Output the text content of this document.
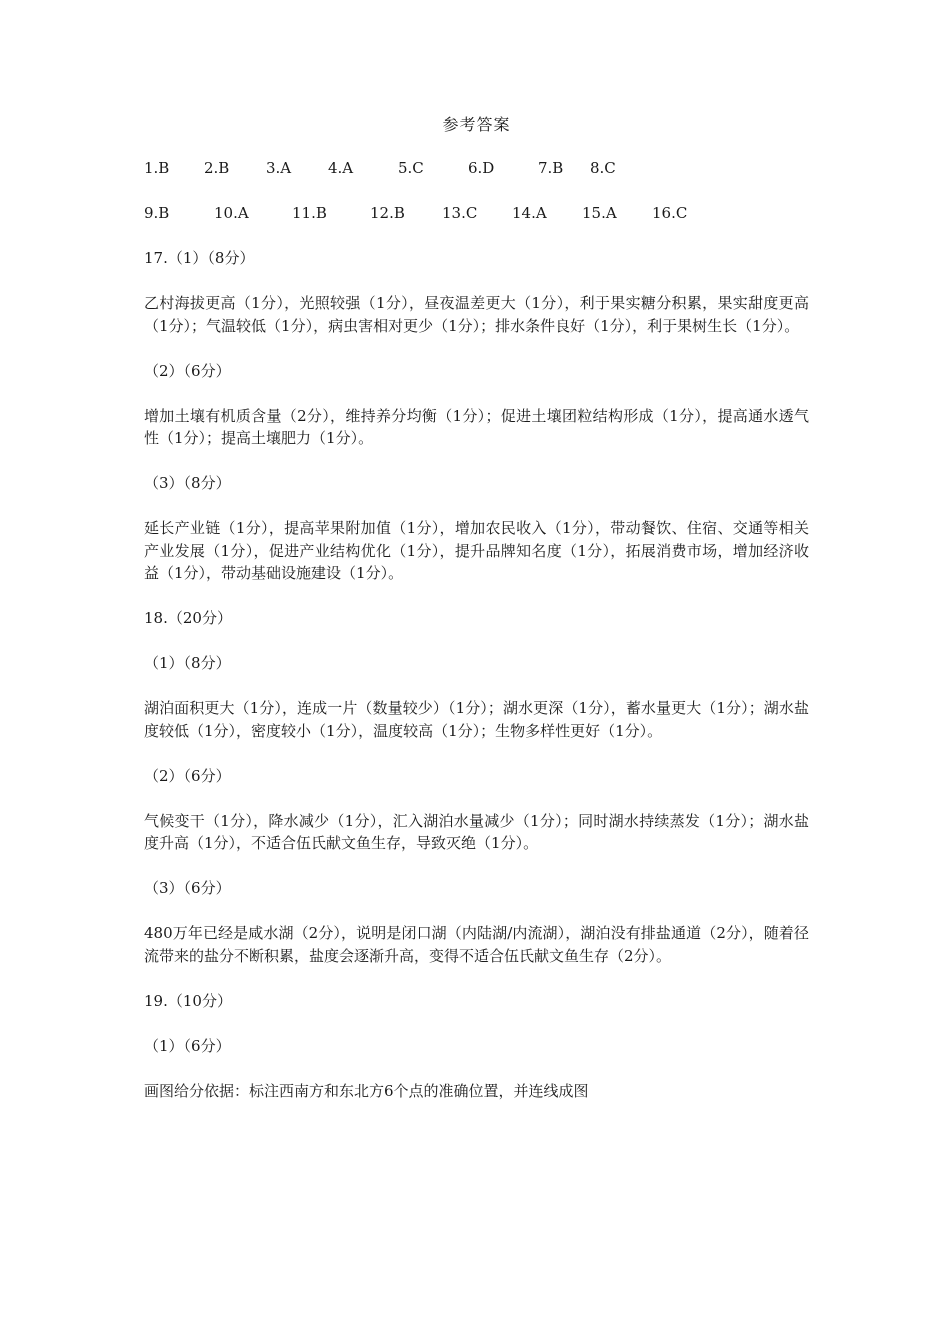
参考答案
1.B 2.B 3.A 4.A	5.C	6.D	7.B 8.C
9.B	10.A	11.B	12.B 13.C 14.A 15.A 16.C
17.（1）（8分）
乙村海拔更高（1分），光照较强（1分），昼夜温差更大（1分），利于果实糖分积累，果实甜度更高（1分）；气温较低（1分），病虫害相对更少（1分）；排水条件良好（1分），利于果树生长（1分）。
（2）（6分）
增加土壤有机质含量（2分），维持养分均衡（1分）；促进土壤团粒结构形成（1分），提高通水透气性（1分）；提高土壤肥力（1分）。
（3）（8分）
延长产业链（1分），提高苹果附加值（1分），增加农民收入（1分），带动餐饮、住宿、交通等相关产业发展（1分），促进产业结构优化（1分），提升品牌知名度（1分），拓展消费市场，增加经济收益（1分），带动基础设施建设（1分）。
18.（20分）
（1）（8分）
湖泊面积更大（1分），连成一片（数量较少）（1分）；湖水更深（1分），蓄水量更大（1分）；湖水盐度较低（1分），密度较小（1分），温度较高（1分）；生物多样性更好（1分）。
（2）（6分）
气候变干（1分），降水减少（1分），汇入湖泊水量减少（1分）；同时湖水持续蒸发（1分）；湖水盐度升高（1分），不适合伍氏献文鱼生存，导致灭绝（1分）。
（3）（6分）
480万年已经是咸水湖（2分），说明是闭口湖（内陆湖/内流湖），湖泊没有排盐通道（2分），随着径流带来的盐分不断积累，盐度会逐渐升高，变得不适合伍氏献文鱼生存（2分）。
19.（10分）
（1）（6分）
画图给分依据：标注西南方和东北方6个点的准确位置，并连线成图
